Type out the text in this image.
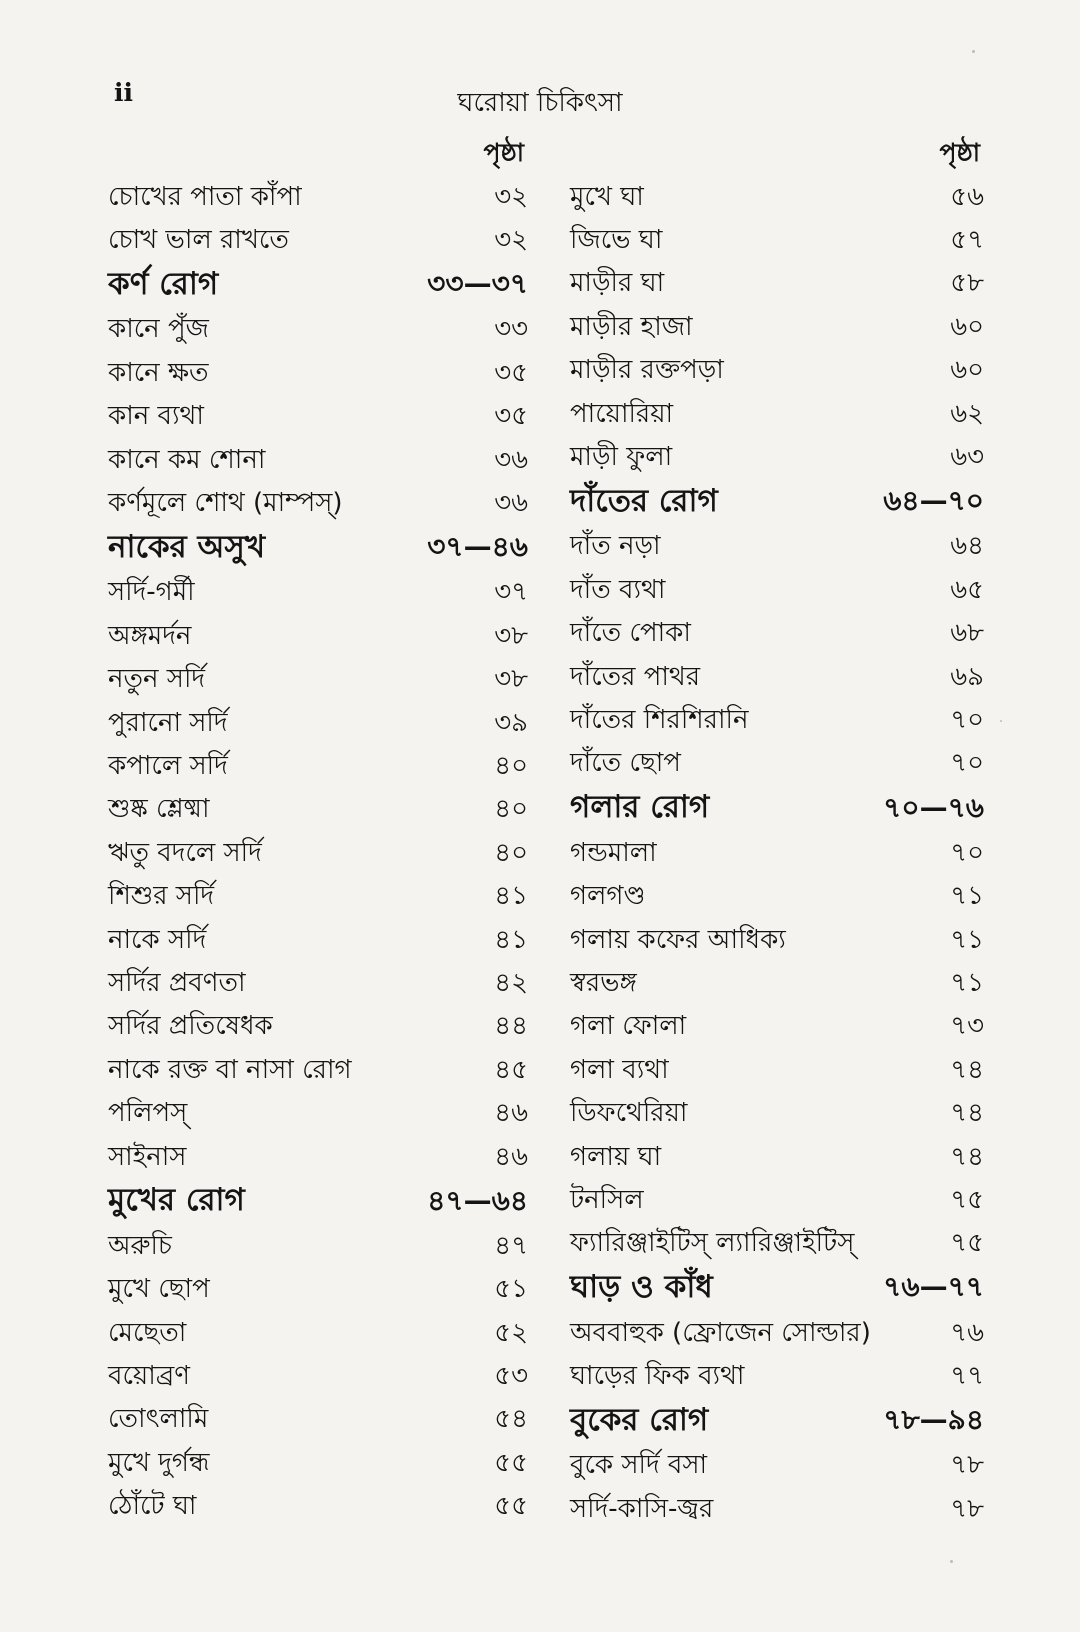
ii	ঘরোয়া চিকিৎসা
পৃষ্ঠা
চোখের পাতা কাঁপা	৩২
চোখ ভাল রাখতে	৩২
কর্ণ রোগ	৩৩—৩৭
কানে পুঁজ	৩৩
কানে ক্ষত	৩৫
কান ব্যথা	৩৫
কানে কম শোনা	৩৬
কর্ণমূলে শোথ (মাম্পস্‌)	৩৬
নাকের অসুখ	৩৭—৪৬
সর্দি-গর্মী	৩৭
অঙ্গমর্দন	৩৮
নতুন সর্দি	৩৮
পুরানো সর্দি	৩৯
কপালে সর্দি	৪০
শুষ্ক শ্লেষ্মা	৪০
ঋতু বদলে সর্দি	৪০
শিশুর সর্দি	৪১
নাকে সর্দি	৪১
সর্দির প্রবণতা	৪২
সর্দির প্রতিষেধক	৪৪
নাকে রক্ত বা নাসা রোগ	৪৫
পলিপস্‌	৪৬
সাইনাস	৪৬
মুখের রোগ	৪৭—৬৪
অরুচি	৪৭
মুখে ছোপ	৫১
মেছেতা	৫২
বয়োব্রণ	৫৩
তোৎলামি	৫৪
মুখে দুর্গন্ধ	৫৫
ঠোঁটে ঘা	৫৫
পৃষ্ঠা
মুখে ঘা	৫৬
জিভে ঘা	৫৭
মাড়ীর ঘা	৫৮
মাড়ীর হাজা	৬০
মাড়ীর রক্তপড়া	৬০
পায়োরিয়া	৬২
মাড়ী ফুলা	৬৩
দাঁতের রোগ	৬৪—৭০
দাঁত নড়া	৬৪
দাঁত ব্যথা	৬৫
দাঁতে পোকা	৬৮
দাঁতের পাথর	৬৯
দাঁতের শিরশিরানি	৭০
দাঁতে ছোপ	৭০
গলার রোগ	৭০—৭৬
গন্ডমালা	৭০
গলগণ্ড	৭১
গলায় কফের আধিক্য	৭১
স্বরভঙ্গ	৭১
গলা ফোলা	৭৩
গলা ব্যথা	৭৪
ডিফথেরিয়া	৭৪
গলায় ঘা	৭৪
টনসিল	৭৫
ফ্যারিঞ্জাইটিস্‌ ল্যারিঞ্জাইটিস্‌	৭৫
ঘাড় ও কাঁধ	৭৬—৭৭
অববাহুক (ফ্রোজেন সোল্ডার)	৭৬
ঘাড়ের ফিক ব্যথা	৭৭
বুকের রোগ	৭৮—৯৪
বুকে সর্দি বসা	৭৮
সর্দি-কাসি-জ্বর	৭৮
